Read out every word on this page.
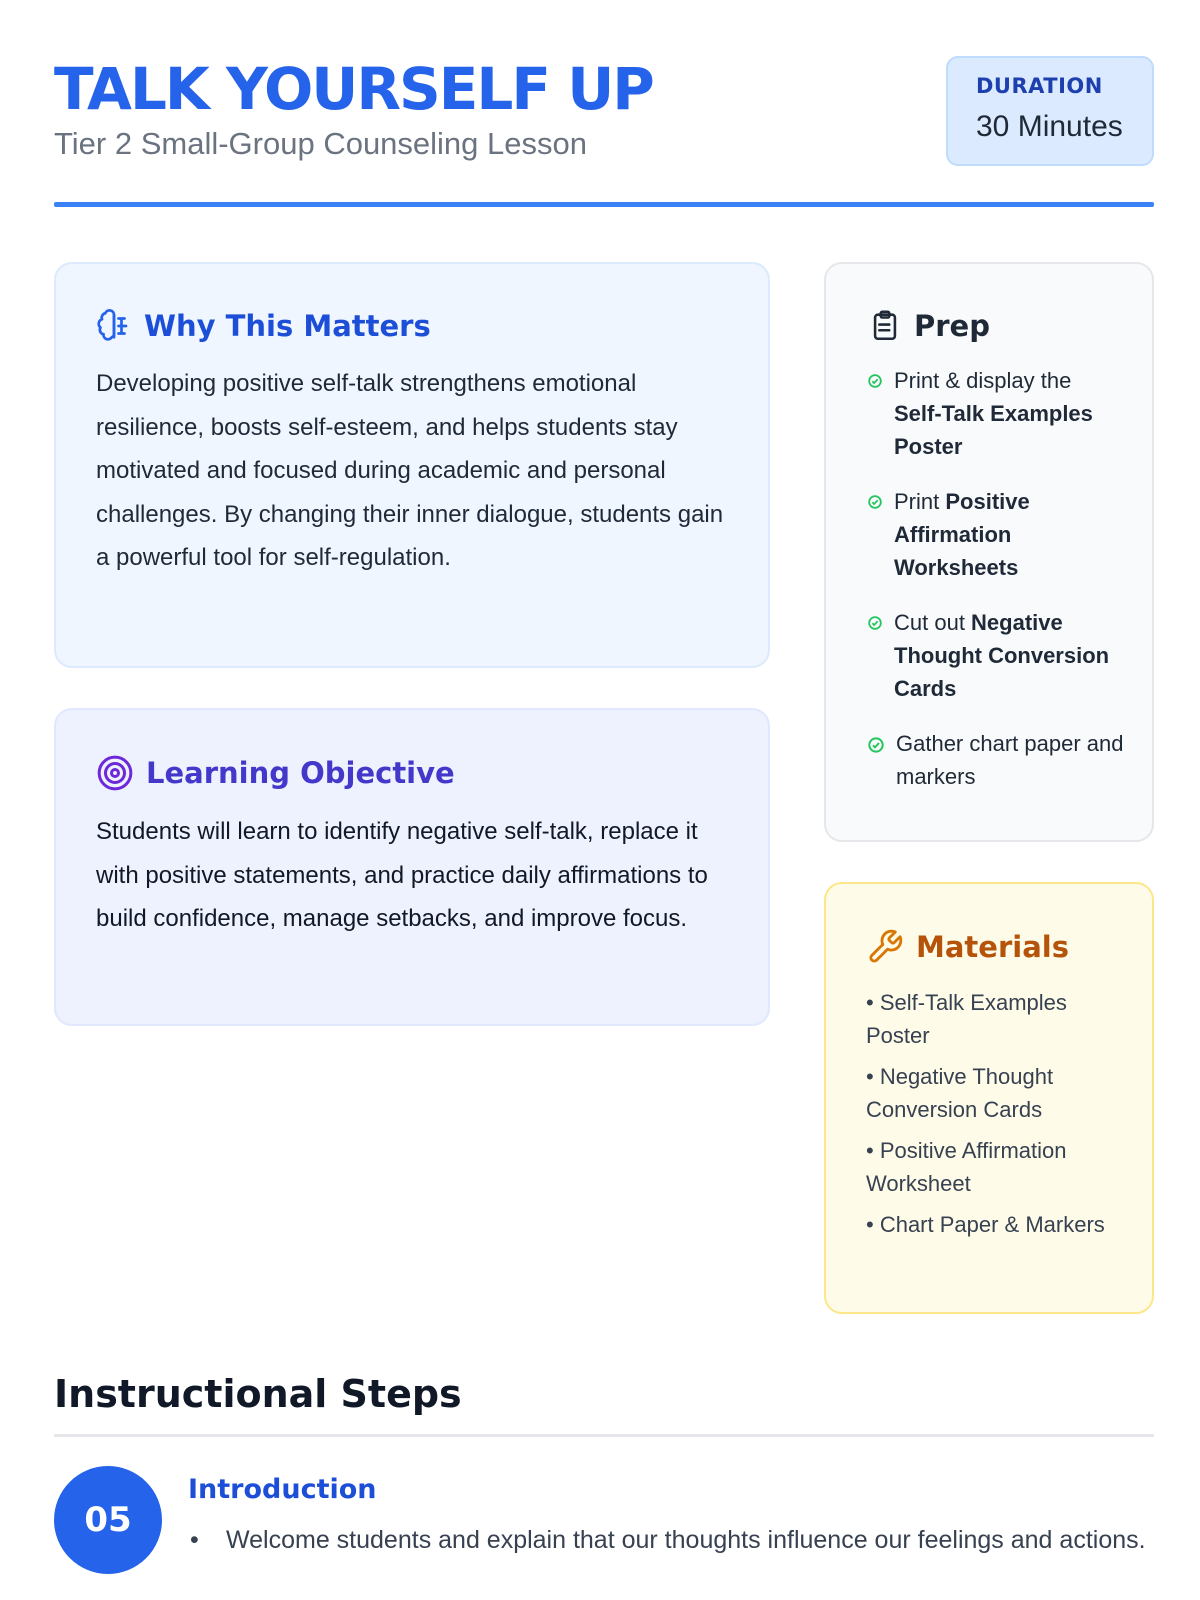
TALK YOURSELF UP
Tier 2 Small-Group Counseling Lesson
DURATION
30 Minutes
Why This Matters

Developing positive self-talk strengthens emotional resilience, boosts self-esteem, and helps students stay motivated and focused during academic and personal challenges. By changing their inner dialogue, students gain a powerful tool for self-regulation.

Learning Objective

Students will learn to identify negative self-talk, replace it with positive statements, and practice daily affirmations to build confidence, manage setbacks, and improve focus.

Prep
Print & display the Self-Talk Examples Poster
Print Positive Affirmation Worksheets
Cut out Negative Thought Conversion Cards
Gather chart paper and markers
Materials
• Self-Talk Examples Poster
• Negative Thought Conversion Cards
• Positive Affirmation Worksheet
• Chart Paper & Markers
Instructional Steps
05
Introduction
• Welcome students and explain that our thoughts influence our feelings and actions.
